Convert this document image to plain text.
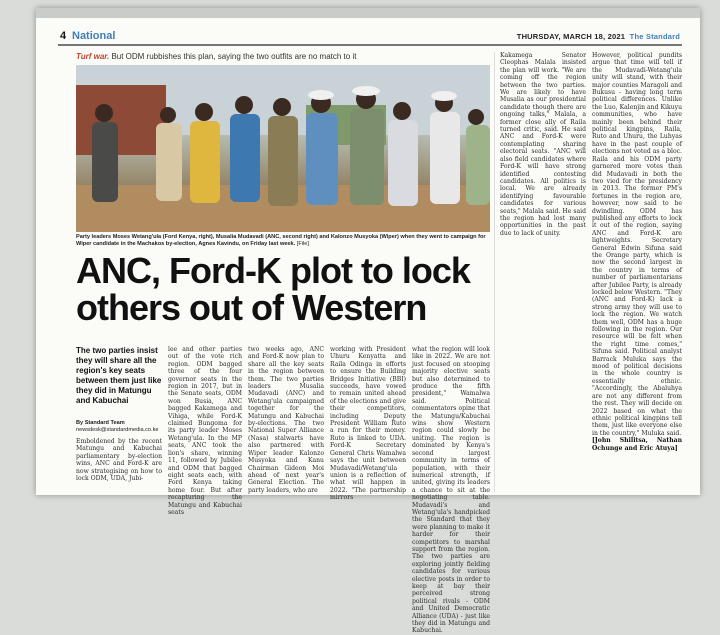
4 National	THURSDAY, MARCH 18, 2021 The Standard
Turf war. But ODM rubbishes this plan, saying the two outfits are no match to it
Party leaders Moses Wetang'ula (Ford Kenya, right), Musalia Mudavadi (ANC, second right) and Kalonzo Musyoka (Wiper) when they went to campaign for Wiper candidate in the Machakos by-election, Agnes Kavindu, on Friday last week. [File]
ANC, Ford-K plot to lock others out of Western
The two parties insist they will share all the region's key seats between them just like they did in Matungu and Kabuchai
By Standard Team
newsdesk@standardmedia.co.ke
Emboldened by the recent Matungu and Kabuchai parliamentary by-election wins, ANC and Ford-K are now strategising on how to lock ODM, UDA, Jubi-
lee and other parties out of the vote rich region. ODM bagged three of the four governor seats in the region in 2017, but in the Senate seats, ODM won Busia, ANC bagged Kakamega and Vihiga, while Ford-K claimed Bungoma for its party leader Moses Wetang'ula. In the MP seats, ANC took the lion's share, winning 11, followed by Jubilee and ODM that bagged eight seats each, with Ford Kenya taking home four. But after recapturing the Matungu and Kabuchai seats
two weeks ago, ANC and Ford-K now plan to share all the key seats in the region between them. The two parties leaders Musalia Mudavadi (ANC) and Wetang'ula campaigned together for the Matungu and Kabuchai by-elections. The two National Super Alliance (Nasa) stalwarts have also partnered with Wiper leader Kalonzo Musyoka and Kanu Chairman Gideon Moi ahead of next year's General Election. The party leaders, who are
working with President Uhuru Kenyatta and Raila Odinga in efforts to ensure the Building Bridges Initiative (BBI) succeeds, have vowed to remain united ahead of the elections and give their competitors, including Deputy President William Ruto a run for their money. Ruto is linked to UDA. Ford-K Secretary General Chris Wamalwa says the unit between Mudavadi/Wetang'ula union is a reflection of what will happen in 2022. "The partnership mirrors
what the region will look like in 2022. We are not just focused on stooping majority elective seats but also determined to produce the fifth president," Wamalwa said. Political commentators opine that the Matungu/Kabuchai wins show Western region could slowly be uniting. The region is dominated by Kenya's second largest community in terms of population, with their numerical strength, if united, giving its leaders a chance to sit at the negotiating table. Mudavadi's and Wetang'ula's handpicked the Standard that they were planning to make it harder for their competitors to marshal support from the region. The two parties are exploring jointly fielding candidates for various elective posts in order to keep at bay their perceived strong political rivals - ODM and United Democratic Alliance (UDA) - just like they did in Matungu and Kabuchai.
Kakamega Senator Cleophas Malala insisted the plan will work. "We are coming off the region between the two parties. We are likely to have Musalia as our presidential candidate though there are ongoing talks," Malala, a former close ally of Raila turned critic, said. He said ANC and Ford-K were contemplating sharing electoral seats. "ANC will also field candidates where Ford-K will have strong identified contesting candidates. All politics is local. We are already identifying favourable candidates for various seats," Malala said. He said the region had lost many opportunities in the past due to lack of unity.

However, political pundits argue that time will tell if the Mudavadi-Wetang'ula unity will stand, with their major counties Maragoli and Bukusu - having long term political differences. Unlike the Luo, Kalenjin and Kikuyu communities, who have mainly been behind their political kingpins, Raila, Ruto and Uhuru, the Luhyas have in the past couple of elections not voted as a bloc. Raila and his ODM party garnered more votes than did Mudavadi in both the two vied for the presidency in 2013. The former PM's fortunes in the region are, however, now said to be dwindling. ODM has published any efforts to lock it out of the region, saying ANC and Ford-K are lightweights. Secretary General Edwin Sifuna said the Orange party, which is now the second largest in the country in terms of number of parliamentarians after Jubilee Party, is already locked below Western. "They (ANC and Ford-K) lack a strong army they will use to lock the region. We watch them well, ODM has a huge following in the region. Our resource will be felt when the right time comes," Sifuna said. Political analyst Barrack Muluka says the mood of political decisions in the whole country is essentially ethnic. "Accordingly, the Abaluhya are not any different from the rest. They will decide on 2022 based on what the ethnic political kingpins tell them, just like everyone else in the country," Muluka said.

[John Shilitsa, Nathan Ochunge and Eric Atuya]
